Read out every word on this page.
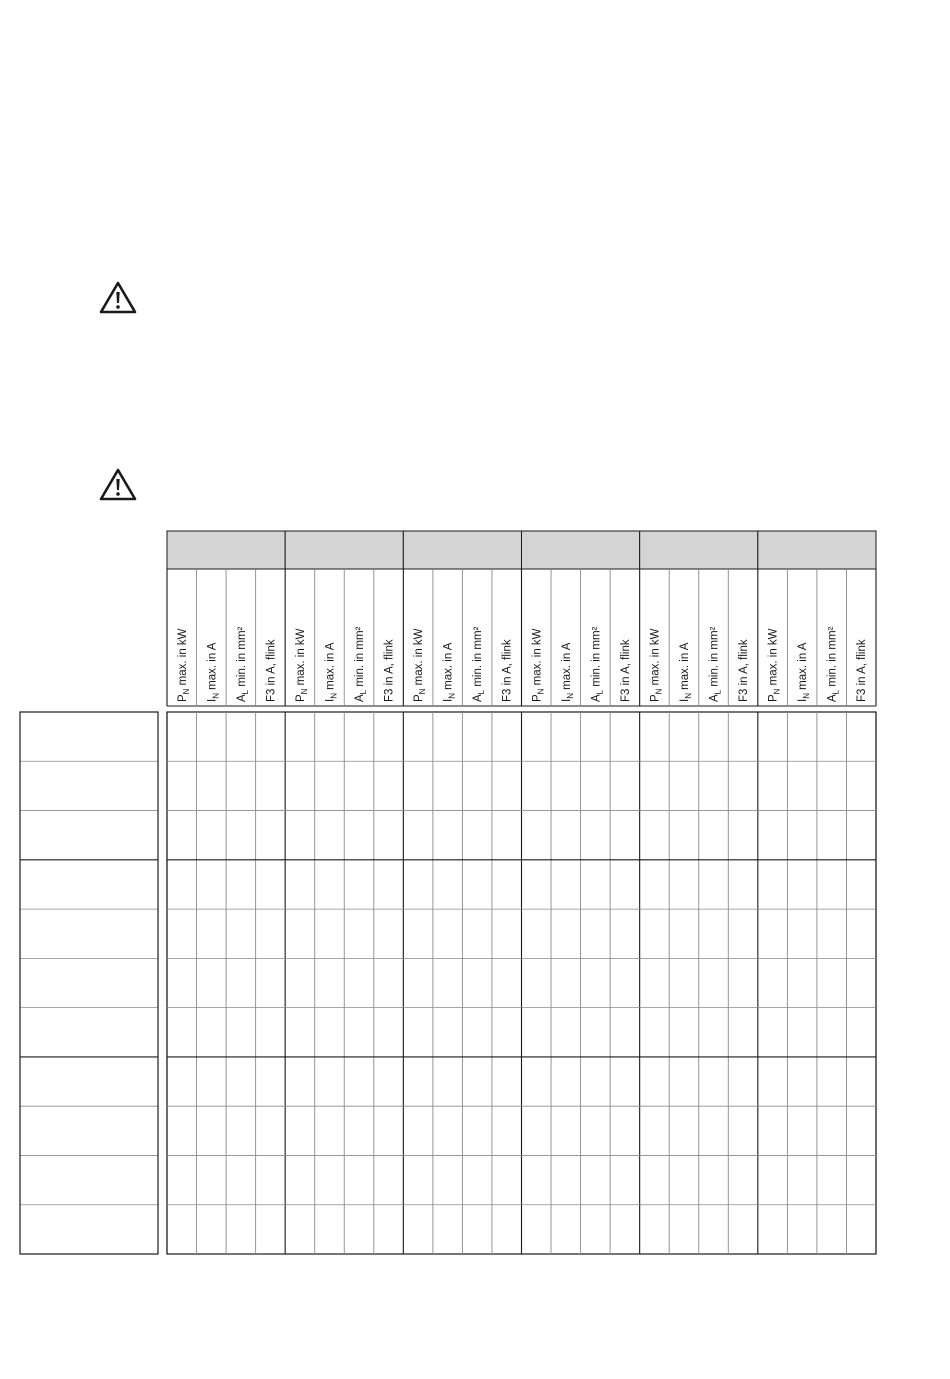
$P_N$ max. in kW
$I_N$ max. in A
$A_L$ min. in mm² F3 in A, flink $P_N$ max. in kW
$I_N$ max. in A
$A_L$ min. in mm² F3 in A, flink $P_N$ max. in kW
$I_N$ max. in A
$A_L$ min. in mm² F3 in A, flink $P_N$ max. in kW
$I_N$ max. in A
$A_L$ min. in mm² F3 in A, flink $P_N$ max. in kW
$I_N$ max. in A
$A_L$ min. in mm² F3 in A, flink $P_N$ max. in kW
$I_N$ max. in A
$A_L$ min. in mm² F3 in A, flink
